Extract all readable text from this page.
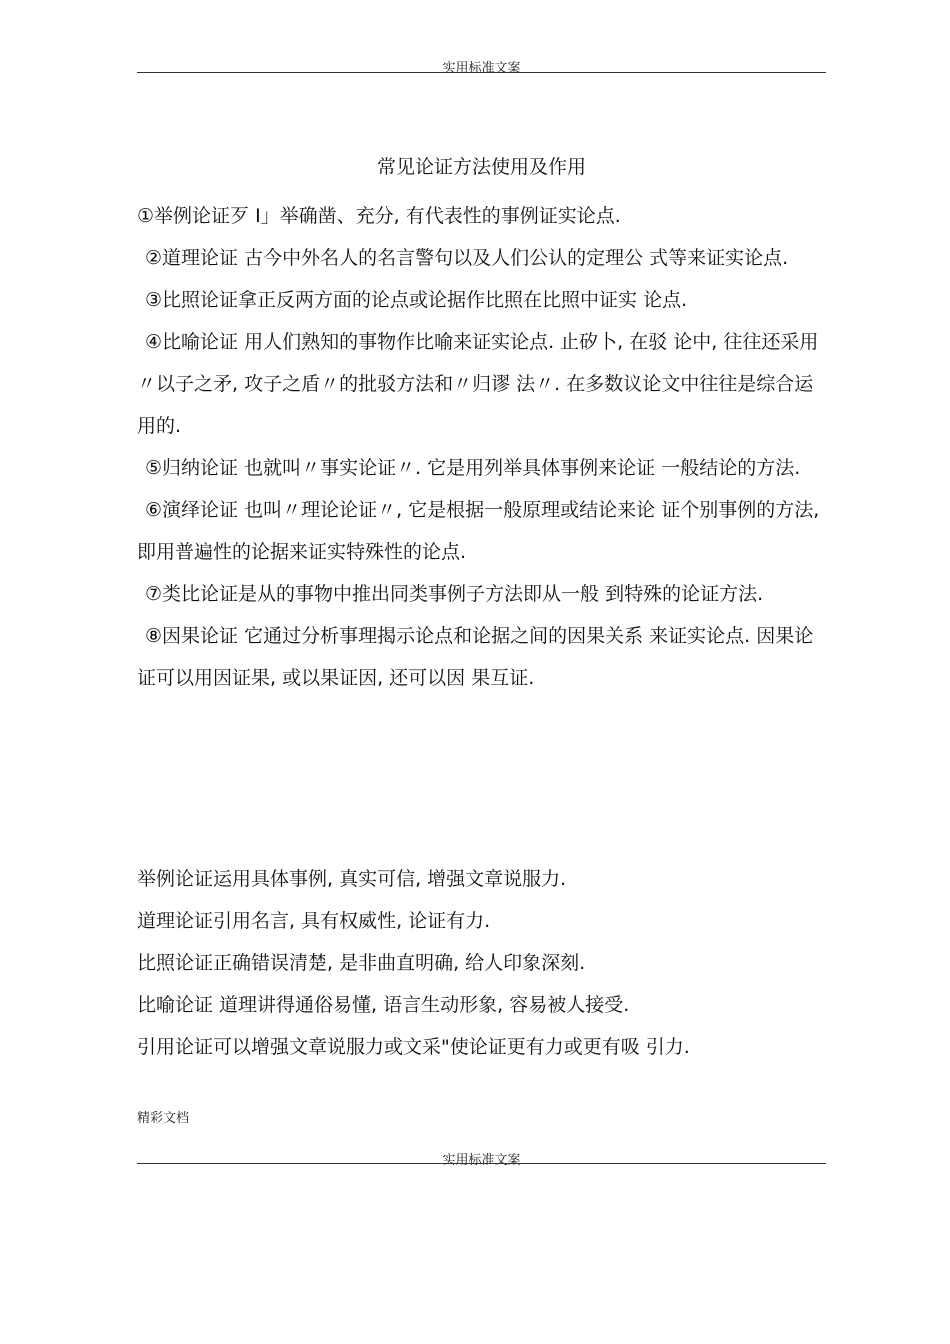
实用标准文案
常见论证方法使用及作用
①举例论证歹 I」举确凿、充分, 有代表性的事例证实论点.
②道理论证 古今中外名人的名言警句以及人们公认的定理公 式等来证实论点.
③比照论证拿正反两方面的论点或论据作比照在比照中证实 论点.
④比喻论证 用人们熟知的事物作比喻来证实论点. 止矽卜, 在驳 论中, 往往还采用〃以子之矛, 攻子之盾〃的批驳方法和〃归谬 法〃. 在多数议论文中往往是综合运用的.
⑤归纳论证 也就叫〃事实论证〃. 它是用列举具体事例来论证 一般结论的方法.
⑥演绎论证 也叫〃理论论证〃, 它是根据一般原理或结论来论 证个别事例的方法, 即用普遍性的论据来证实特殊性的论点.
⑦类比论证是从的事物中推出同类事例子方法即从一般 到特殊的论证方法.
⑧因果论证 它通过分析事理揭示论点和论据之间的因果关系 来证实论点. 因果论证可以用因证果, 或以果证因, 还可以因 果互证.
举例论证运用具体事例, 真实可信, 增强文章说服力.
道理论证引用名言, 具有权威性, 论证有力.
比照论证正确错误清楚, 是非曲直明确, 给人印象深刻.
比喻论证 道理讲得通俗易懂, 语言生动形象, 容易被人接受.
引用论证可以增强文章说服力或文采"使论证更有力或更有吸 引力.
精彩文档
实用标准文案
